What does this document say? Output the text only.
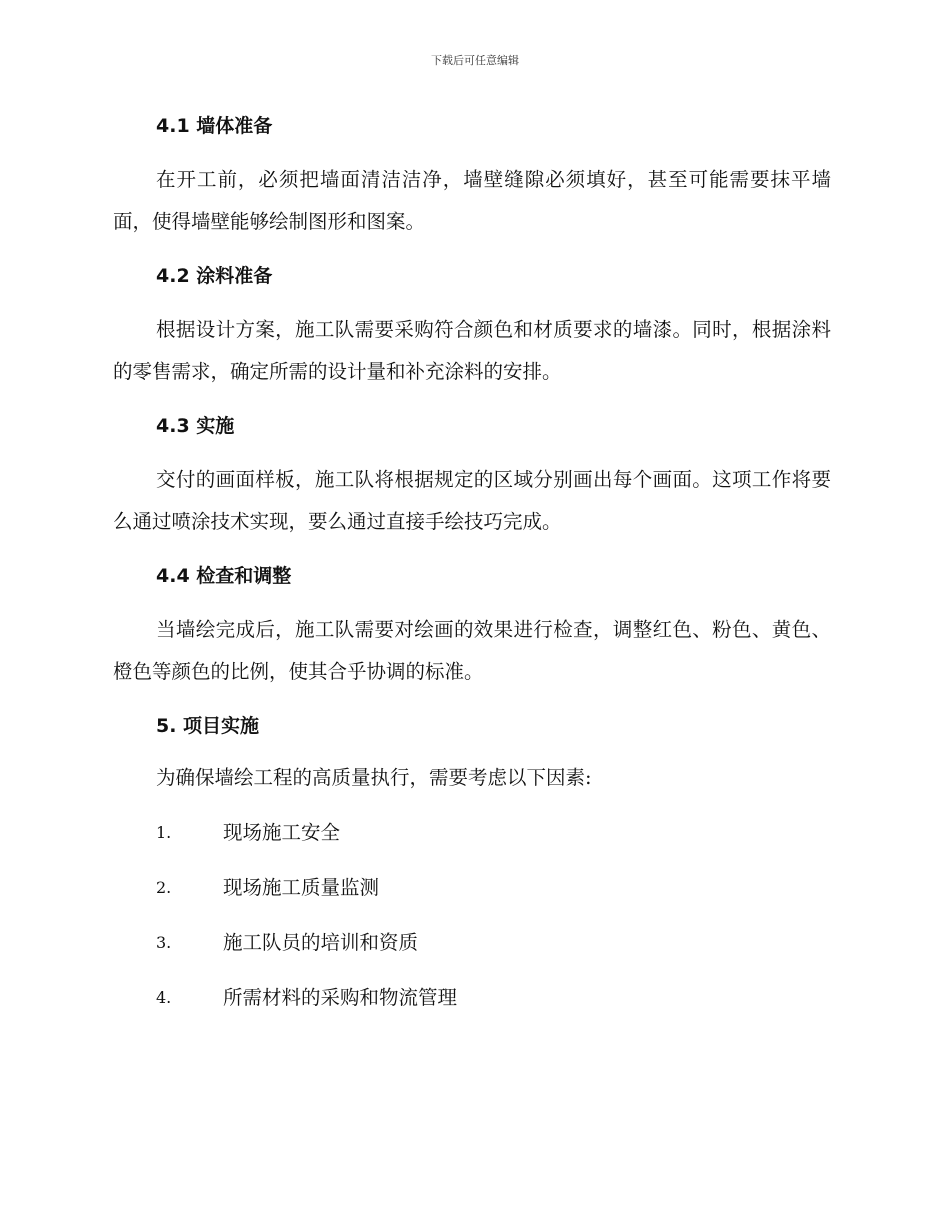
下载后可任意编辑
4.1 墙体准备

在开工前，必须把墙面清洁洁净，墙壁缝隙必须填好，甚至可能需要抹平墙面，使得墙壁能够绘制图形和图案。

4.2 涂料准备

根据设计方案，施工队需要采购符合颜色和材质要求的墙漆。同时，根据涂料的零售需求，确定所需的设计量和补充涂料的安排。

4.3 实施

交付的画面样板，施工队将根据规定的区域分别画出每个画面。这项工作将要么通过喷涂技术实现，要么通过直接手绘技巧完成。

4.4 检查和调整

当墙绘完成后，施工队需要对绘画的效果进行检查，调整红色、粉色、黄色、橙色等颜色的比例，使其合乎协调的标准。

5. 项目实施
为确保墙绘工程的高质量执行，需要考虑以下因素:
1.	现场施工安全
2.	现场施工质量监测
3.	施工队员的培训和资质
4.	所需材料的采购和物流管理
